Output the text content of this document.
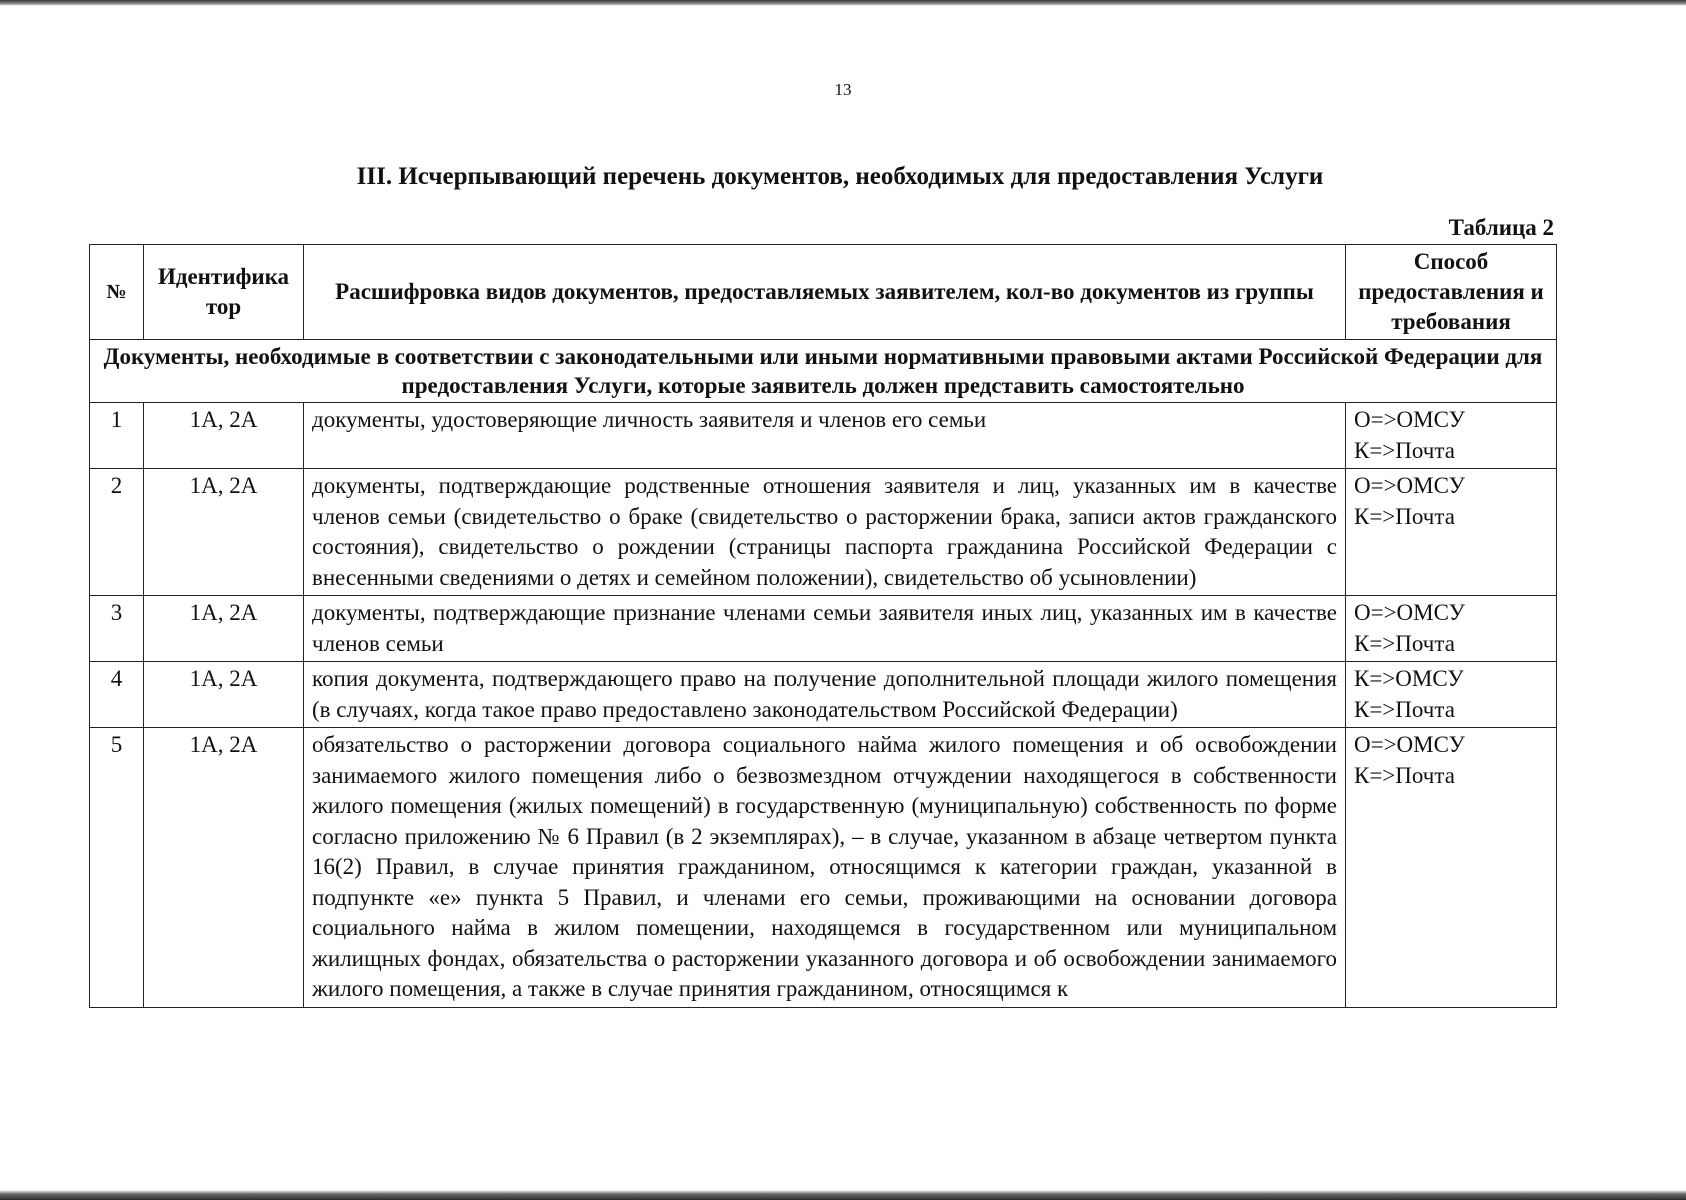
13
III. Исчерпывающий перечень документов, необходимых для предоставления Услуги
Таблица 2
№	Идентификатор	Расшифровка видов документов, предоставляемых заявителем, кол-во документов из группы	Способ предоставления и требования
Документы, необходимые в соответствии с законодательными или иными нормативными правовыми актами Российской Федерации для предоставления Услуги, которые заявитель должен представить самостоятельно			
1	1А, 2А	документы, удостоверяющие личность заявителя и членов его семьи	О=>ОМСУ
К=>Почта

2	1А, 2А	документы, подтверждающие родственные отношения заявителя и лиц, указанных им в качестве членов семьи (свидетельство о браке (свидетельство о расторжении брака, записи актов гражданского состояния), свидетельство о рождении (страницы паспорта гражданина Российской Федерации с внесенными сведениями о детях и семейном положении), свидетельство об усыновлении)	О=>ОМСУ
К=>Почта

3	1А, 2А	документы, подтверждающие признание членами семьи заявителя иных лиц, указанных им в качестве членов семьи	О=>ОМСУ
К=>Почта

4	1А, 2А	копия документа, подтверждающего право на получение дополнительной площади жилого помещения (в случаях, когда такое право предоставлено законодательством Российской Федерации)	К=>ОМСУ
К=>Почта

5	1А, 2А	обязательство о расторжении договора социального найма жилого помещения и об освобождении занимаемого жилого помещения либо о безвозмездном отчуждении находящегося в собственности жилого помещения (жилых помещений) в государственную (муниципальную) собственность по форме согласно приложению № 6 Правил (в 2 экземплярах), – в случае, указанном в абзаце четвертом пункта 16(2) Правил, в случае принятия гражданином, относящимся к категории граждан, указанной в подпункте «е» пункта 5 Правил, и членами его семьи, проживающими на основании договора социального найма в жилом помещении, находящемся в государственном или муниципальном жилищных фондах, обязательства о расторжении указанного договора и об освобождении занимаемого жилого помещения, а также в случае принятия гражданином, относящимся к	О=>ОМСУ
К=>Почта
